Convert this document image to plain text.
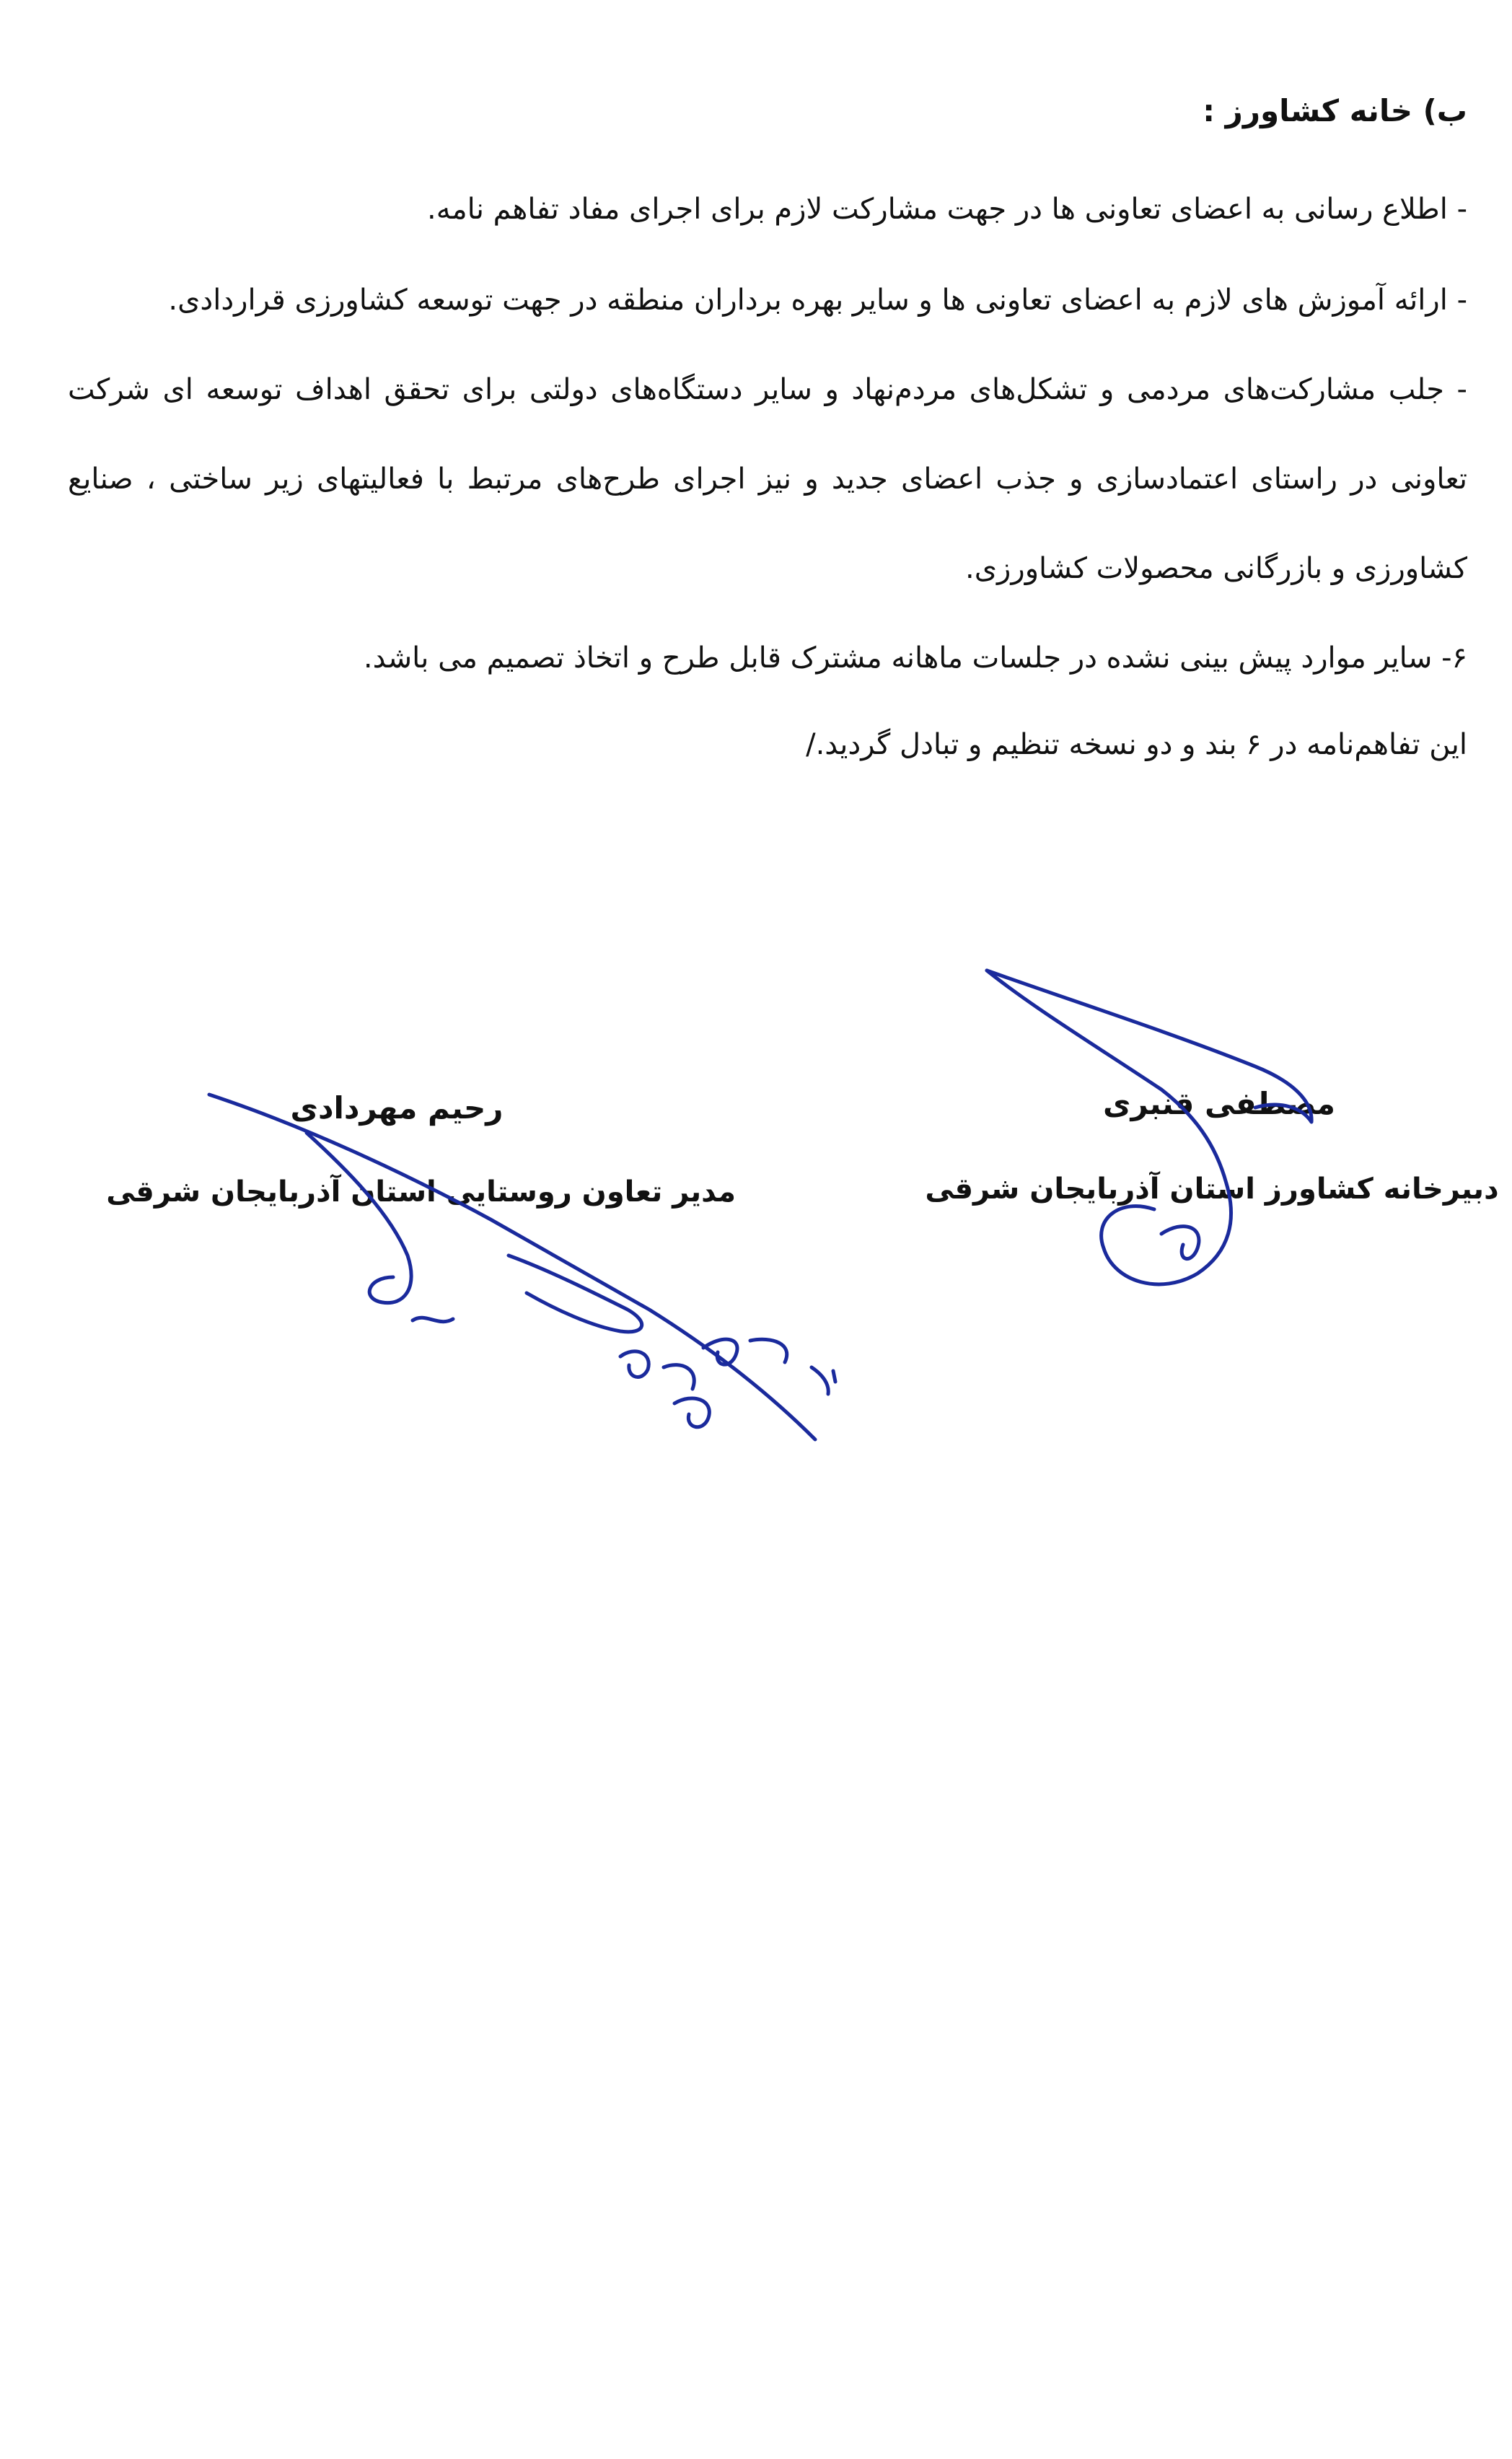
ب) خانه کشاورز :
- اطلاع رسانی به اعضای تعاونی ها در جهت مشارکت لازم برای اجرای مفاد تفاهم نامه.
- ارائه آموزش های لازم به اعضای تعاونی ها و سایر بهره برداران منطقه در جهت توسعه کشاورزی قراردادی.
- جلب مشارکت‌های مردمی و تشکل‌های مردم‌نهاد و سایر دستگاه‌های دولتی برای تحقق اهداف توسعه ای شرکت
تعاونی در راستای اعتمادسازی و جذب اعضای جدید و نیز اجرای طرح‌های مرتبط با فعالیتهای زیر ساختی ، صنایع
کشاورزی و بازرگانی محصولات کشاورزی.
۶- سایر موارد پیش بینی نشده در جلسات ماهانه مشترک قابل طرح و اتخاذ تصمیم می باشد.
این تفاهم‌نامه در ۶ بند و دو نسخه تنظیم و تبادل گردید./
مصطفی قنبری
دبیرخانه کشاورز استان آذربایجان شرقی
رحیم مهردادی
مدیر تعاون روستایی استان آذربایجان شرقی
